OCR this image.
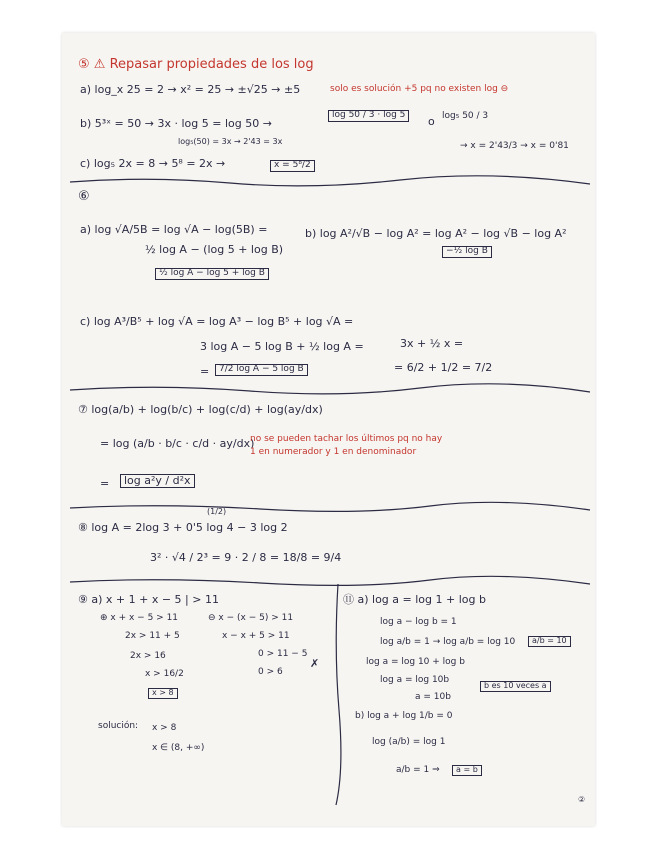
⑤ ⚠ Repasar propiedades de los log
a) log_x 25 = 2 → x² = 25 → ±√25 → ±5	solo es solución +5 pq no existen log ⊖
b) 5³ˣ = 50 → 3x · log 5 = log 50 →
log 50 / 3 · log 5	o log₅ 50 / 3
log₅(50) = 3x → 2'43 = 3x	→ x = 2'43/3 → x = 0'81
c) log₅ 2x = 8 → 5⁸ = 2x →	x = 5⁸/2
⑥
a) log √A/5B = log √A − log(5B) =
½ log A − (log 5 + log B)
½ log A − log 5 + log B
b) log A²/√B − log A² = log A² − log √B − log A²
−½ log B
c) log A³/B⁵ + log √A = log A³ − log B⁵ + log √A =
3 log A − 5 log B + ½ log A =	3x + ½ x =
= 6/2 + 1/2 = 7/2
=	7/2 log A − 5 log B
⑦ log(a/b) + log(b/c) + log(c/d) + log(ay/dx)
= log (a/b · b/c · c/d · ay/dx)
no se pueden tachar los últimos pq no hay
1 en numerador y 1 en denominador
=	log a²y / d²x
(1/2)
⑧ log A = 2log 3 + 0'5 log 4 − 3 log 2
3² · √4 / 2³ = 9 · 2 / 8 = 18/8 = 9/4
⑨ a) x + 1 + x − 5 | > 11
⊕ x + x − 5 > 11
2x > 11 + 5
2x > 16
x > 16/2
x > 8
⊖ x − (x − 5) > 11
x − x + 5 > 11
0 > 11 − 5
0 > 6
✗
solución: x > 8
x ∈ (8, +∞)
⑪ a) log a = log 1 + log b
log a − log b = 1
log a/b = 1 → log a/b = log 10	a/b = 10
log a = log 10 + log b
log a = log 10b
a = 10b
b es 10 veces a
b) log a + log 1/b = 0
log (a/b) = log 1
a/b = 1 ⇒	a = b
②
